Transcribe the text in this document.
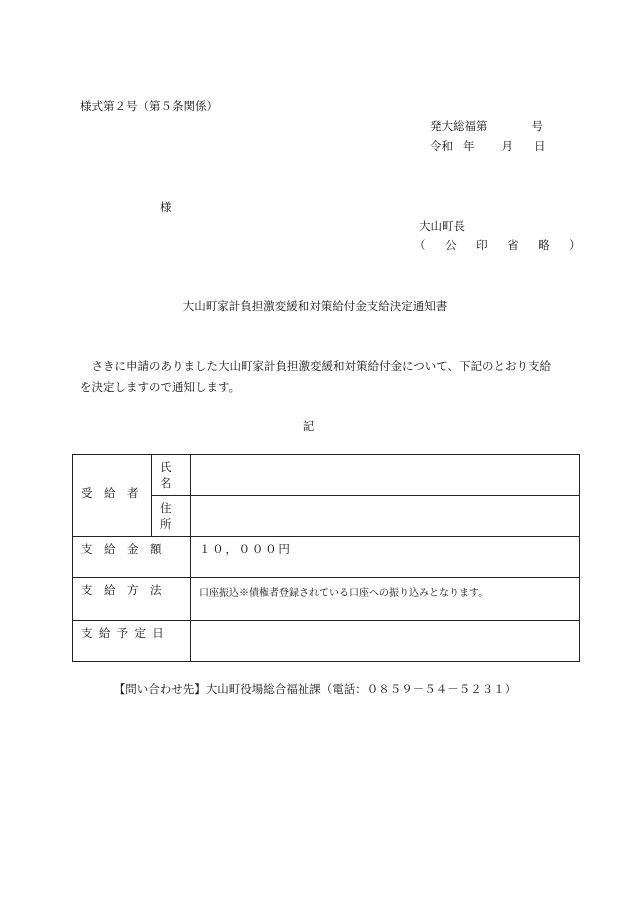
様式第２号（第５条関係）
発大総福第	号
令和 年 月 日
様
大山町長
（　公　印　省　略　）
大山町家計負担激変緩和対策給付金支給決定通知書
さきに申請のありました大山町家計負担激変緩和対策給付金について、下記のとおり支給を決定しますので通知します。
記
受　給　者	氏名	
	住所	
支　給　金　額		１０，０００円
支　給　方　法		口座振込※債権者登録されている口座への振り込みとなります。
支給予定日		
【問い合わせ先】大山町役場総合福祉課（電話：０８５９－５４－５２３１）
